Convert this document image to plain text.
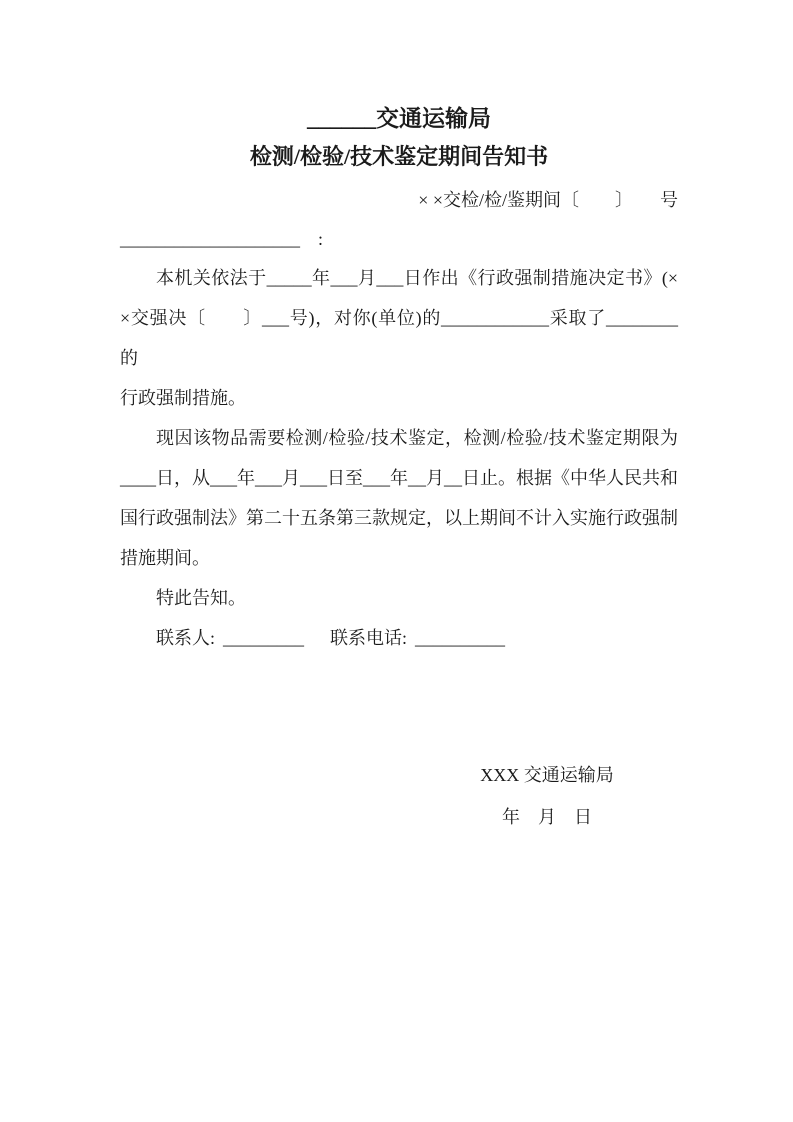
______交通运输局
检测/检验/技术鉴定期间告知书
× ×交检/检/鉴期间〔　　〕　　号
____________________　:
本机关依法于_____年___月___日作出《行政强制措施决定书》(×
×交强决〔　　〕___号)，对你(单位)的____________采取了________的
行政强制措施。
现因该物品需要检测/检验/技术鉴定，检测/检验/技术鉴定期限为
____日，从___年___月___日至___年__月__日止。根据《中华人民共和
国行政强制法》第二十五条第三款规定，以上期间不计入实施行政强制
措施期间。
特此告知。
联系人: _________ 联系电话: __________
XXX 交通运输局
年　月　日
